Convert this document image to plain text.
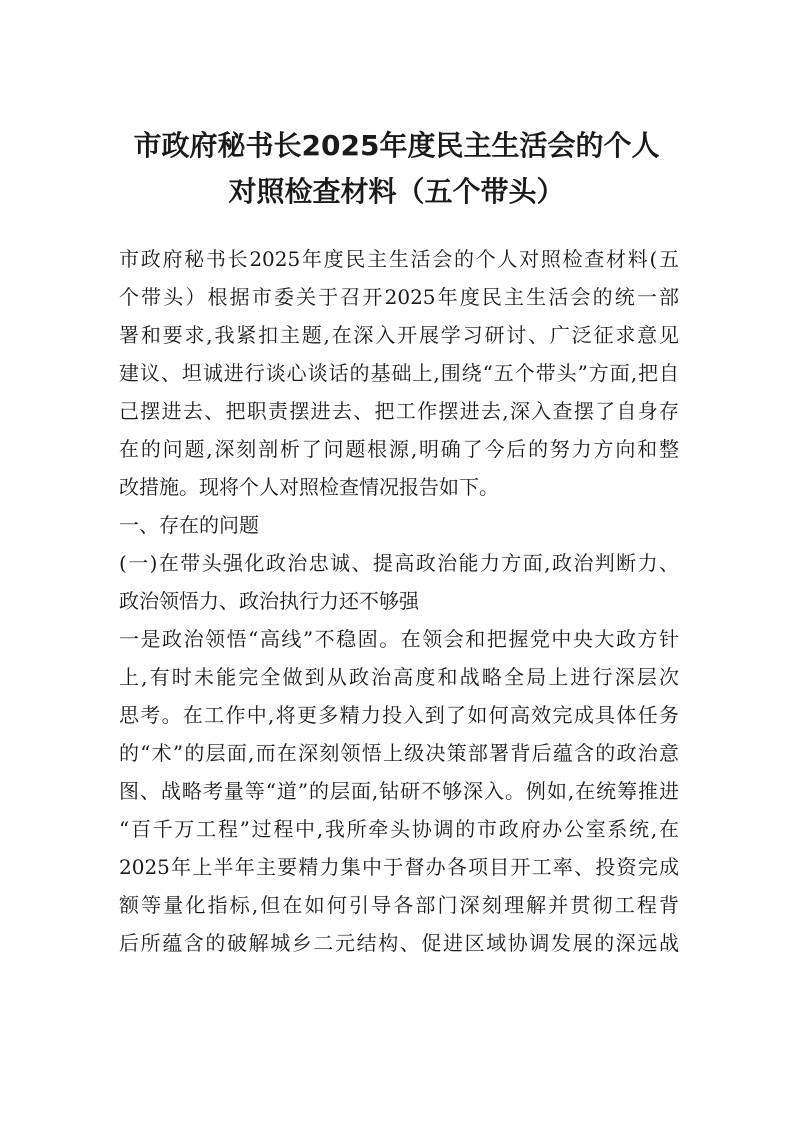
市政府秘书长2025年度民主生活会的个人
对照检查材料（五个带头）
市政府秘书长2025年度民主生活会的个人对照检查材料(五
个带头）根据市委关于召开2025年度民主生活会的统一部
署和要求,我紧扣主题,在深入开展学习研讨、广泛征求意见
建议、坦诚进行谈心谈话的基础上,围绕“五个带头”方面,把自
己摆进去、把职责摆进去、把工作摆进去,深入查摆了自身存
在的问题,深刻剖析了问题根源,明确了今后的努力方向和整
改措施。现将个人对照检查情况报告如下。
一、存在的问题
(一)在带头强化政治忠诚、提高政治能力方面,政治判断力、
政治领悟力、政治执行力还不够强
一是政治领悟“高线”不稳固。在领会和把握党中央大政方针
上,有时未能完全做到从政治高度和战略全局上进行深层次
思考。在工作中,将更多精力投入到了如何高效完成具体任务
的“术”的层面,而在深刻领悟上级决策部署背后蕴含的政治意
图、战略考量等“道”的层面,钻研不够深入。例如,在统筹推进
“百千万工程”过程中,我所牵头协调的市政府办公室系统,在
2025年上半年主要精力集中于督办各项目开工率、投资完成
额等量化指标,但在如何引导各部门深刻理解并贯彻工程背
后所蕴含的破解城乡二元结构、促进区域协调发展的深远战
